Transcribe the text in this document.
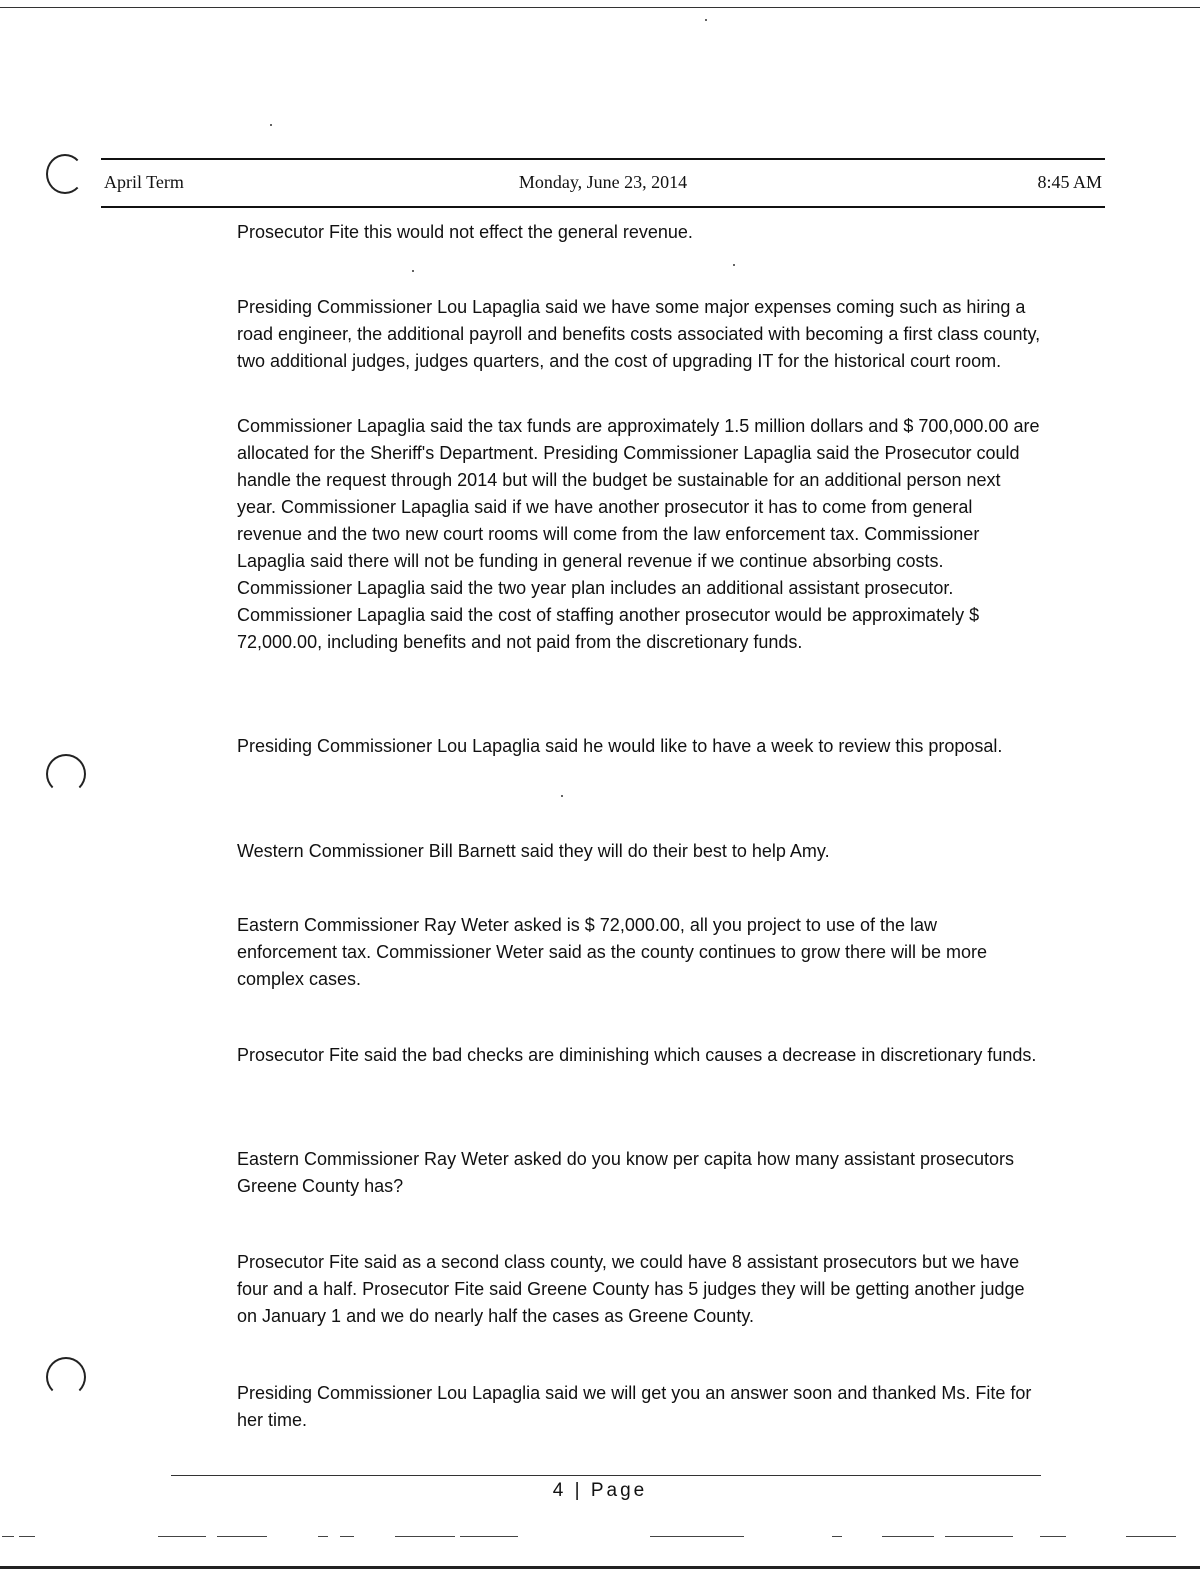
Monday, June 23, 2014
April Term	8:45 AM

Prosecutor Fite this would not effect the general revenue.

Presiding Commissioner Lou Lapaglia said we have some major expenses coming such as hiring a road engineer, the additional payroll and benefits costs associated with becoming a first class county, two additional judges, judges quarters, and the cost of upgrading IT for the historical court room.

Commissioner Lapaglia said the tax funds are approximately 1.5 million dollars and $ 700,000.00 are allocated for the Sheriff's Department. Presiding Commissioner Lapaglia said the Prosecutor could handle the request through 2014 but will the budget be sustainable for an additional person next year. Commissioner Lapaglia said if we have another prosecutor it has to come from general revenue and the two new court rooms will come from the law enforcement tax. Commissioner Lapaglia said there will not be funding in general revenue if we continue absorbing costs. Commissioner Lapaglia said the two year plan includes an additional assistant prosecutor. Commissioner Lapaglia said the cost of staffing another prosecutor would be approximately $ 72,000.00, including benefits and not paid from the discretionary funds.

Presiding Commissioner Lou Lapaglia said he would like to have a week to review this proposal.

Western Commissioner Bill Barnett said they will do their best to help Amy.

Eastern Commissioner Ray Weter asked is $ 72,000.00, all you project to use of the law enforcement tax. Commissioner Weter said as the county continues to grow there will be more complex cases.

Prosecutor Fite said the bad checks are diminishing which causes a decrease in discretionary funds.

Eastern Commissioner Ray Weter asked do you know per capita how many assistant prosecutors Greene County has?

Prosecutor Fite said as a second class county, we could have 8 assistant prosecutors but we have four and a half. Prosecutor Fite said Greene County has 5 judges they will be getting another judge on January 1 and we do nearly half the cases as Greene County.

Presiding Commissioner Lou Lapaglia said we will get you an answer soon and thanked Ms. Fite for her time.

4 | Page
